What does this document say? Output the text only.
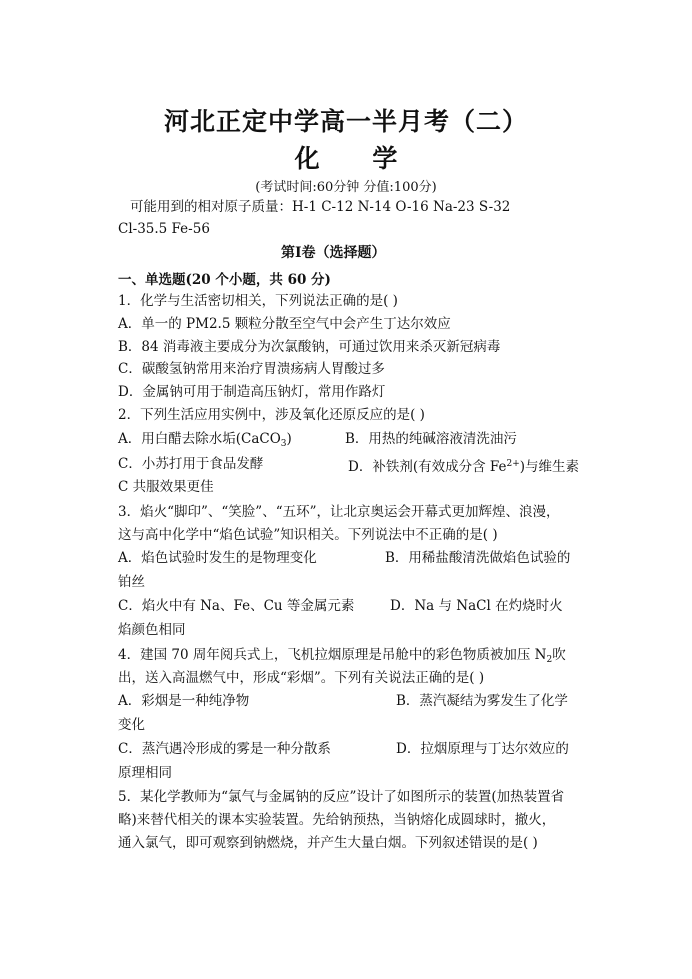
河北正定中学高一半月考（二）
化 学
(考试时间:60分钟 分值:100分)
可能用到的相对原子质量：H-1 C-12 N-14 O-16 Na-23 S-32
Cl-35.5 Fe-56
第Ⅰ卷（选择题）
一、单选题(20 个小题，共 60 分)
1．化学与生活密切相关，下列说法正确的是( )
A．单一的 PM2.5 颗粒分散至空气中会产生丁达尔效应
B．84 消毒液主要成分为次氯酸钠，可通过饮用来杀灭新冠病毒
C．碳酸氢钠常用来治疗胃溃疡病人胃酸过多
D．金属钠可用于制造高压钠灯，常用作路灯
2．下列生活应用实例中，涉及氧化还原反应的是( )
A．用白醋去除水垢(CaCO$_3$)	B．用热的纯碱溶液清洗油污
C．小苏打用于食品发酵	D．补铁剂(有效成分含 $Fe^{2+}$)与维生素
C 共服效果更佳
3．焰火“脚印”、“笑脸”、“五环”，让北京奥运会开幕式更加辉煌、浪漫，
这与高中化学中“焰色试验”知识相关。下列说法中不正确的是( )
A．焰色试验时发生的是物理变化	B．用稀盐酸清洗做焰色试验的
铂丝
C．焰火中有 Na、Fe、Cu 等金属元素	D．Na 与 NaCl 在灼烧时火
焰颜色相同
4．建国 70 周年阅兵式上，飞机拉烟原理是吊舱中的彩色物质被加压 $N_2$吹
出，送入高温燃气中，形成“彩烟”。下列有关说法正确的是( )
A．彩烟是一种纯净物	B．蒸汽凝结为雾发生了化学
变化
C．蒸汽遇冷形成的雾是一种分散系	D．拉烟原理与丁达尔效应的
原理相同
5．某化学教师为“氯气与金属钠的反应”设计了如图所示的装置(加热装置省
略)来替代相关的课本实验装置。先给钠预热，当钠熔化成圆球时，撤火，
通入氯气，即可观察到钠燃烧，并产生大量白烟。下列叙述错误的是( )
